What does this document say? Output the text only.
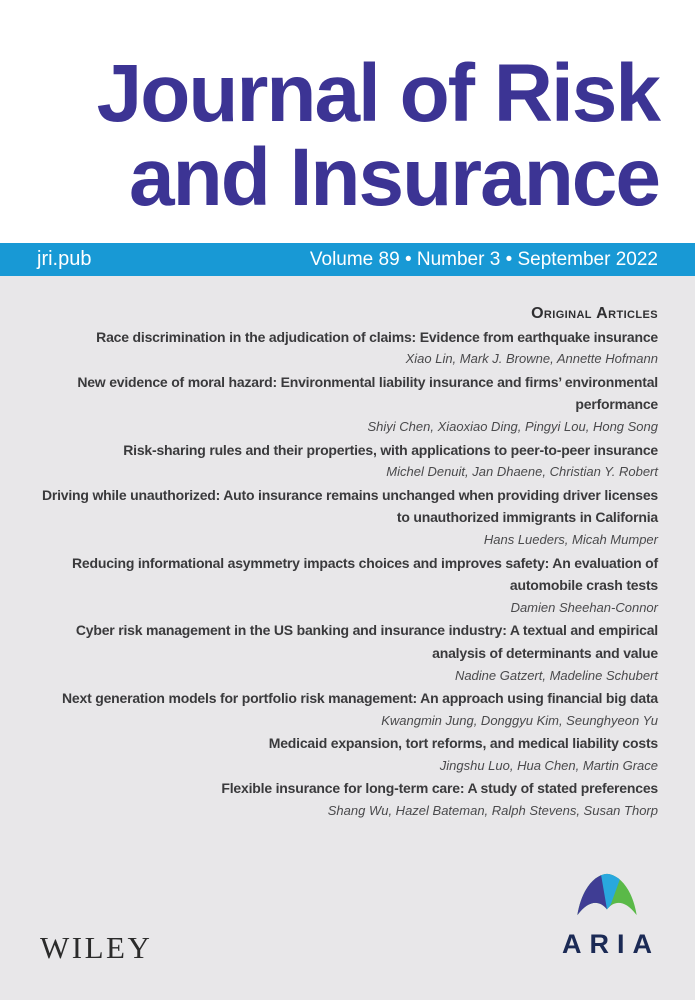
Journal of Risk
and Insurance
jri.pub	Volume 89 • Number 3 • September 2022
Original Articles
Race discrimination in the adjudication of claims: Evidence from earthquake insurance
Xiao Lin, Mark J. Browne, Annette Hofmann
New evidence of moral hazard: Environmental liability insurance and firms’ environmental performance
Shiyi Chen, Xiaoxiao Ding, Pingyi Lou, Hong Song
Risk-sharing rules and their properties, with applications to peer-to-peer insurance
Michel Denuit, Jan Dhaene, Christian Y. Robert
Driving while unauthorized: Auto insurance remains unchanged when providing driver licenses to unauthorized immigrants in California
Hans Lueders, Micah Mumper
Reducing informational asymmetry impacts choices and improves safety: An evaluation of automobile crash tests
Damien Sheehan-Connor
Cyber risk management in the US banking and insurance industry: A textual and empirical analysis of determinants and value
Nadine Gatzert, Madeline Schubert
Next generation models for portfolio risk management: An approach using financial big data
Kwangmin Jung, Donggyu Kim, Seunghyeon Yu
Medicaid expansion, tort reforms, and medical liability costs
Jingshu Luo, Hua Chen, Martin Grace
Flexible insurance for long-term care: A study of stated preferences
Shang Wu, Hazel Bateman, Ralph Stevens, Susan Thorp
WILEY	ARIA
